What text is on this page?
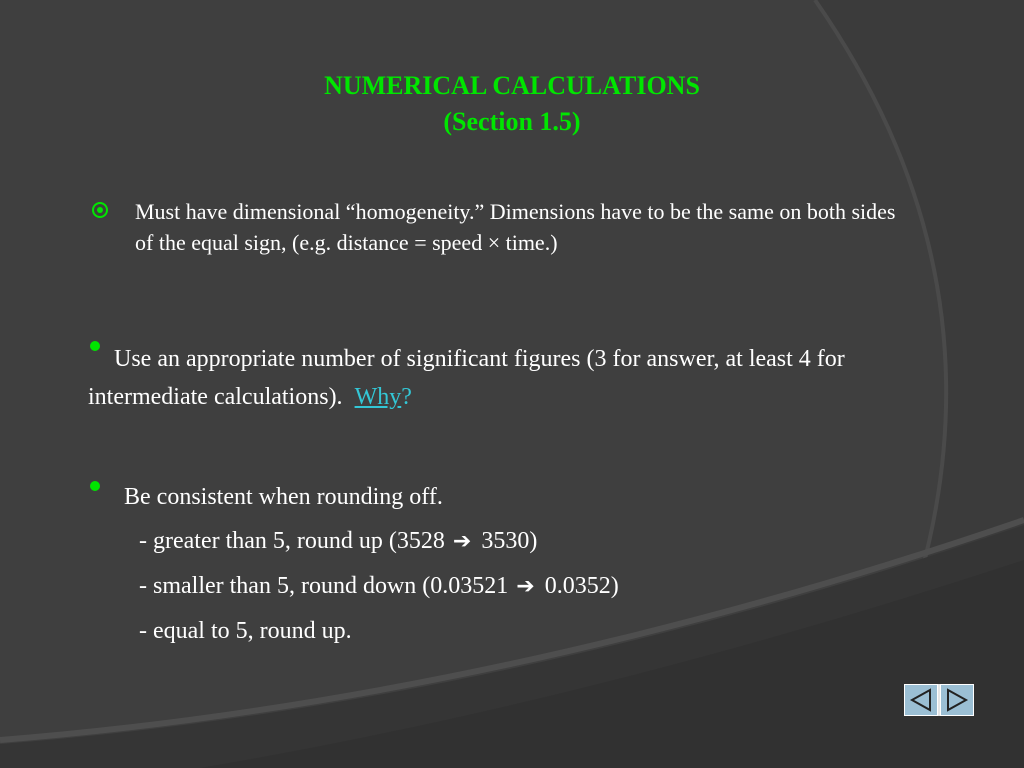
NUMERICAL CALCULATIONS
(Section 1.5)
Must have dimensional “homogeneity.” Dimensions have to be the same on both sides of the equal sign, (e.g. distance = speed × time.)
Use an appropriate number of significant figures (3 for answer, at least 4 for intermediate calculations). Why?
Be consistent when rounding off.
- greater than 5, round up (3528 ➔ 3530)
- smaller than 5, round down (0.03521 ➔ 0.0352)
- equal to 5, round up.
